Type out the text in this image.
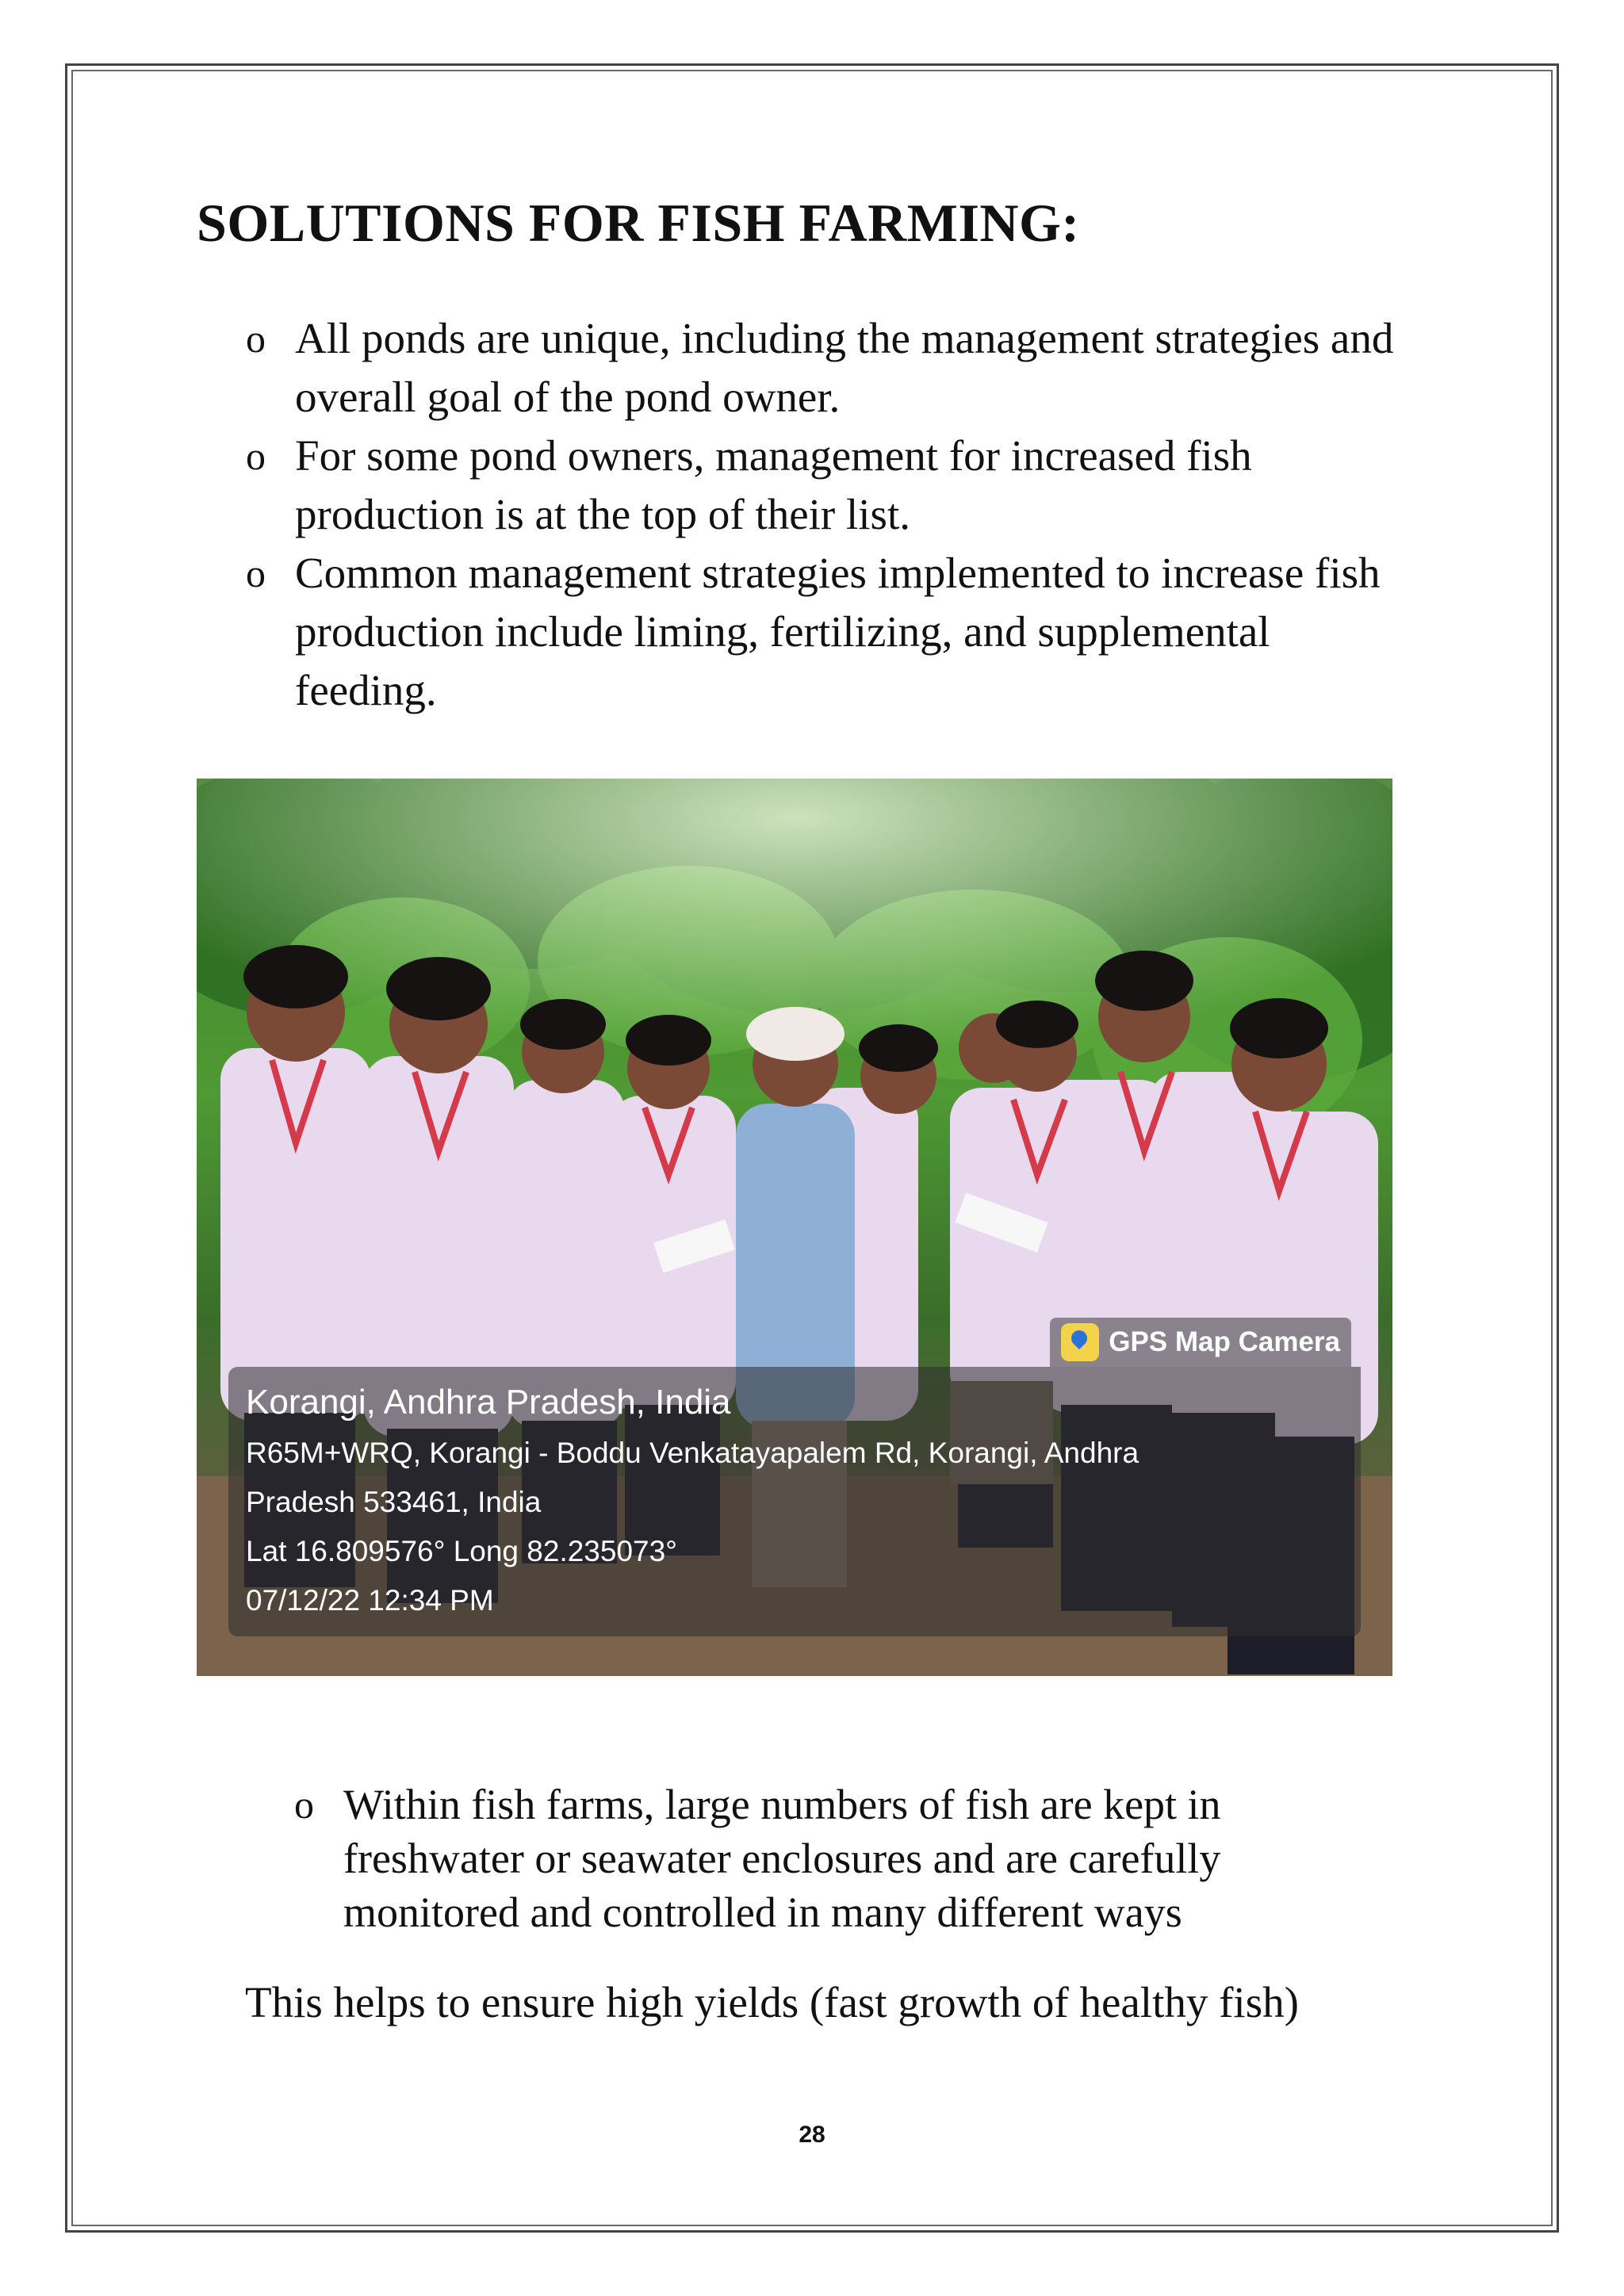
SOLUTIONS FOR FISH FARMING:
o All ponds are unique, including the management strategies and overall goal of the pond owner.
o For some pond owners, management for increased fish production is at the top of their list.
o Common management strategies implemented to increase fish production include liming, fertilizing, and supplemental feeding.
GPS Map Camera
Korangi, Andhra Pradesh, India
R65M+WRQ, Korangi - Boddu Venkatayapalem Rd, Korangi, Andhra
Pradesh 533461, India
Lat 16.809576° Long 82.235073°
07/12/22 12:34 PM
o Within fish farms, large numbers of fish are kept in freshwater or seawater enclosures and are carefully monitored and controlled in many different ways

This helps to ensure high yields (fast growth of healthy fish)

28
